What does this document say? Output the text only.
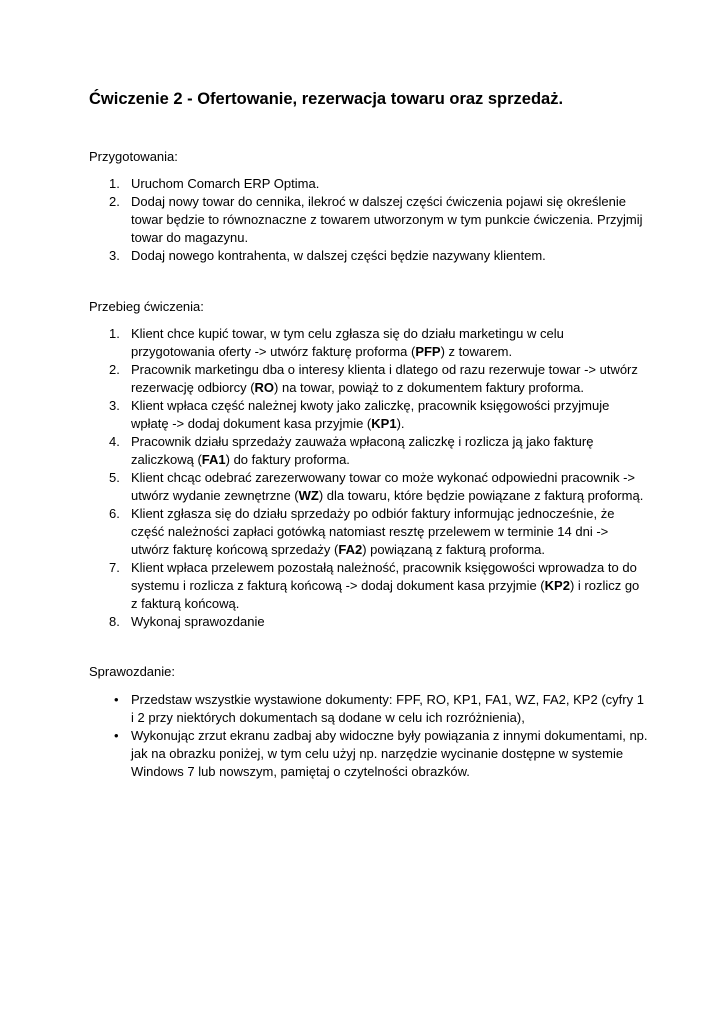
Ćwiczenie 2 - Ofertowanie, rezerwacja towaru oraz sprzedaż.
Przygotowania:
1. Uruchom Comarch ERP Optima.
2. Dodaj nowy towar do cennika, ilekroć w dalszej części ćwiczenia pojawi się określenie towar będzie to równoznaczne z towarem utworzonym w tym punkcie ćwiczenia. Przyjmij towar do magazynu.
3. Dodaj nowego kontrahenta, w dalszej części będzie nazywany klientem.
Przebieg ćwiczenia:
1. Klient chce kupić towar, w tym celu zgłasza się do działu marketingu w celu przygotowania oferty -> utwórz fakturę proforma (PFP) z towarem.
2. Pracownik marketingu dba o interesy klienta i dlatego od razu rezerwuje towar -> utwórz rezerwację odbiorcy (RO) na towar, powiąż to z dokumentem faktury proforma.
3. Klient wpłaca część należnej kwoty jako zaliczkę, pracownik księgowości przyjmuje wpłatę -> dodaj dokument kasa przyjmie (KP1).
4. Pracownik działu sprzedaży zauważa wpłaconą zaliczkę i rozlicza ją jako fakturę zaliczkową (FA1) do faktury proforma.
5. Klient chcąc odebrać zarezerwowany towar co może wykonać odpowiedni pracownik -> utwórz wydanie zewnętrzne (WZ) dla towaru, które będzie powiązane z fakturą proformą.
6. Klient zgłasza się do działu sprzedaży po odbiór faktury informując jednocześnie, że część należności zapłaci gotówką natomiast resztę przelewem w terminie 14 dni -> utwórz fakturę końcową sprzedaży (FA2) powiązaną z fakturą proforma.
7. Klient wpłaca przelewem pozostałą należność, pracownik księgowości wprowadza to do systemu i rozlicza z fakturą końcową -> dodaj dokument kasa przyjmie (KP2) i rozlicz go z fakturą końcową.
8. Wykonaj sprawozdanie
Sprawozdanie:
• Przedstaw wszystkie wystawione dokumenty: FPF, RO, KP1, FA1, WZ, FA2, KP2 (cyfry 1 i 2 przy niektórych dokumentach są dodane w celu ich rozróżnienia),
• Wykonując zrzut ekranu zadbaj aby widoczne były powiązania z innymi dokumentami, np. jak na obrazku poniżej, w tym celu użyj np. narzędzie wycinanie dostępne w systemie Windows 7 lub nowszym, pamiętaj o czytelności obrazków.
